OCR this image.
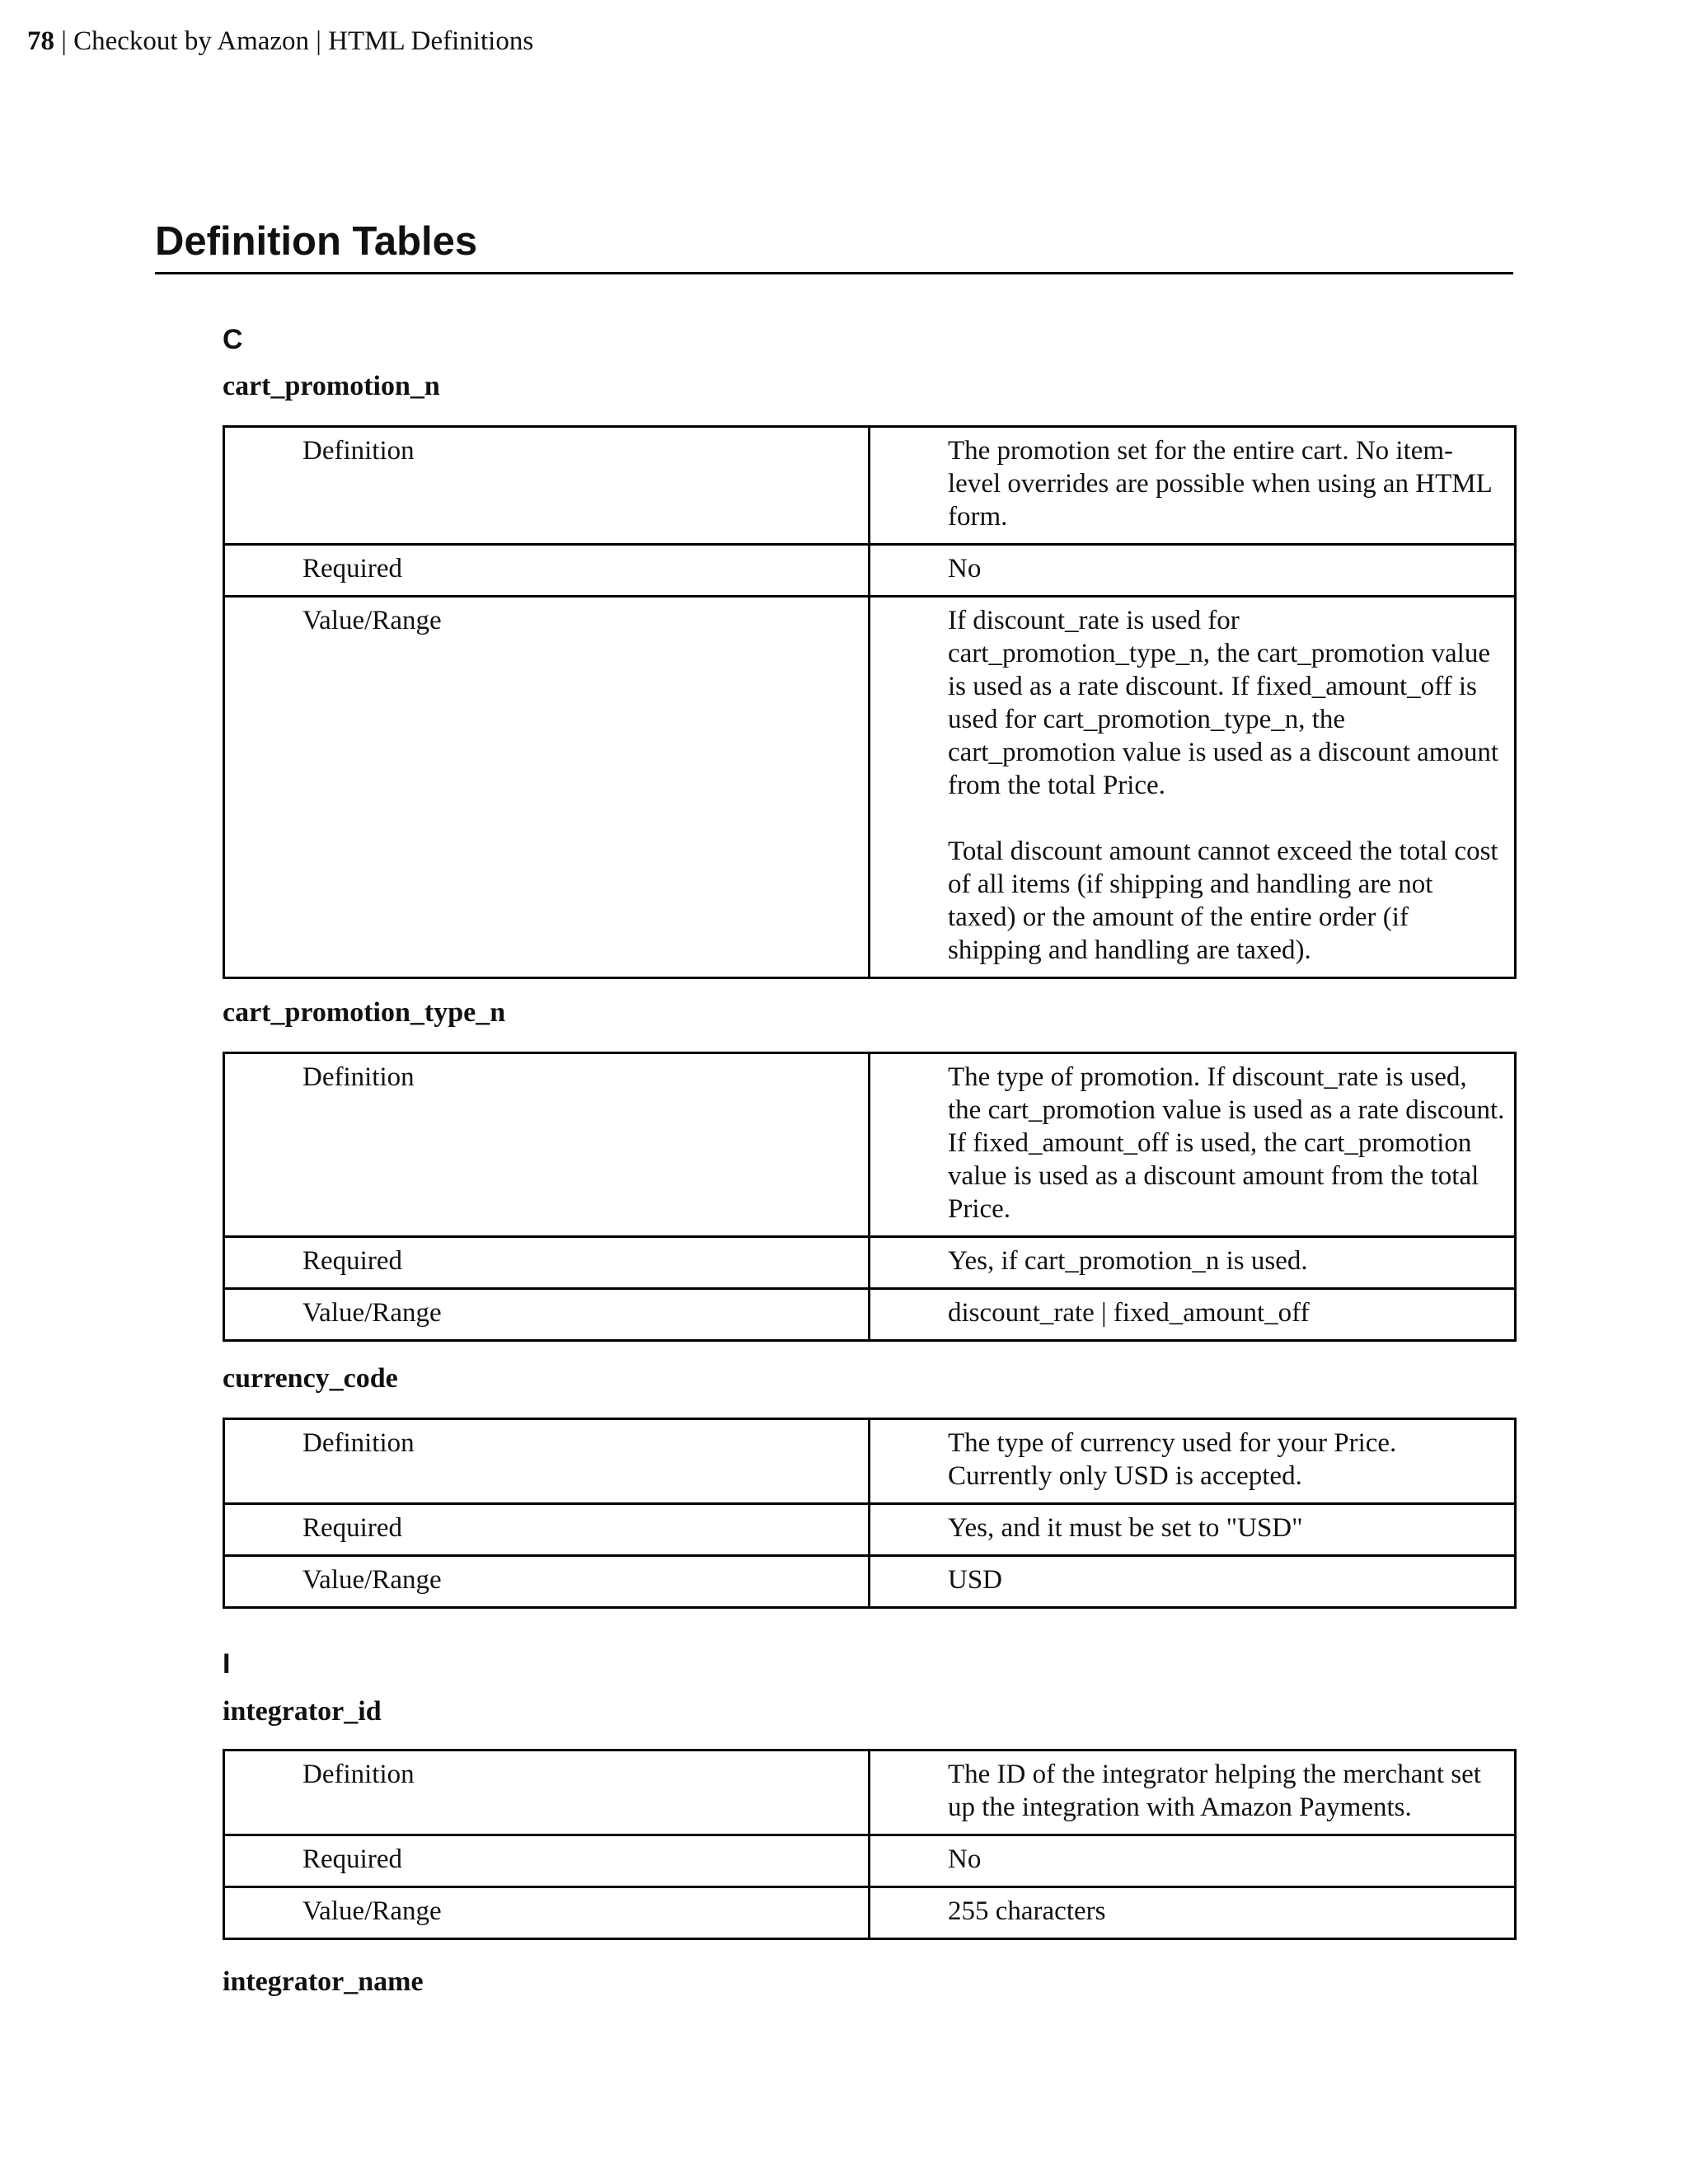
78 | Checkout by Amazon | HTML Definitions
Definition Tables
C
cart_promotion_n
Definition	The promotion set for the entire cart. No item-level overrides are possible when using an HTML form.

Required	No

Value/Range	If discount_rate is used for cart_promotion_type_n, the cart_promotion value is used as a rate discount. If fixed_amount_off is used for cart_promotion_type_n, the cart_promotion value is used as a discount amount from the total Price.

Total discount amount cannot exceed the total cost of all items (if shipping and handling are not taxed) or the amount of the entire order (if shipping and handling are taxed).

cart_promotion_type_n
Definition	The type of promotion. If discount_rate is used, the cart_promotion value is used as a rate discount. If fixed_amount_off is used, the cart_promotion value is used as a discount amount from the total Price.

Required	Yes, if cart_promotion_n is used.

Value/Range	discount_rate | fixed_amount_off

currency_code
Definition	The type of currency used for your Price. Currently only USD is accepted.

Required	Yes, and it must be set to "USD"

Value/Range	USD

I
integrator_id
Definition	The ID of the integrator helping the merchant set up the integration with Amazon Payments.

Required	No

Value/Range	255 characters

integrator_name
